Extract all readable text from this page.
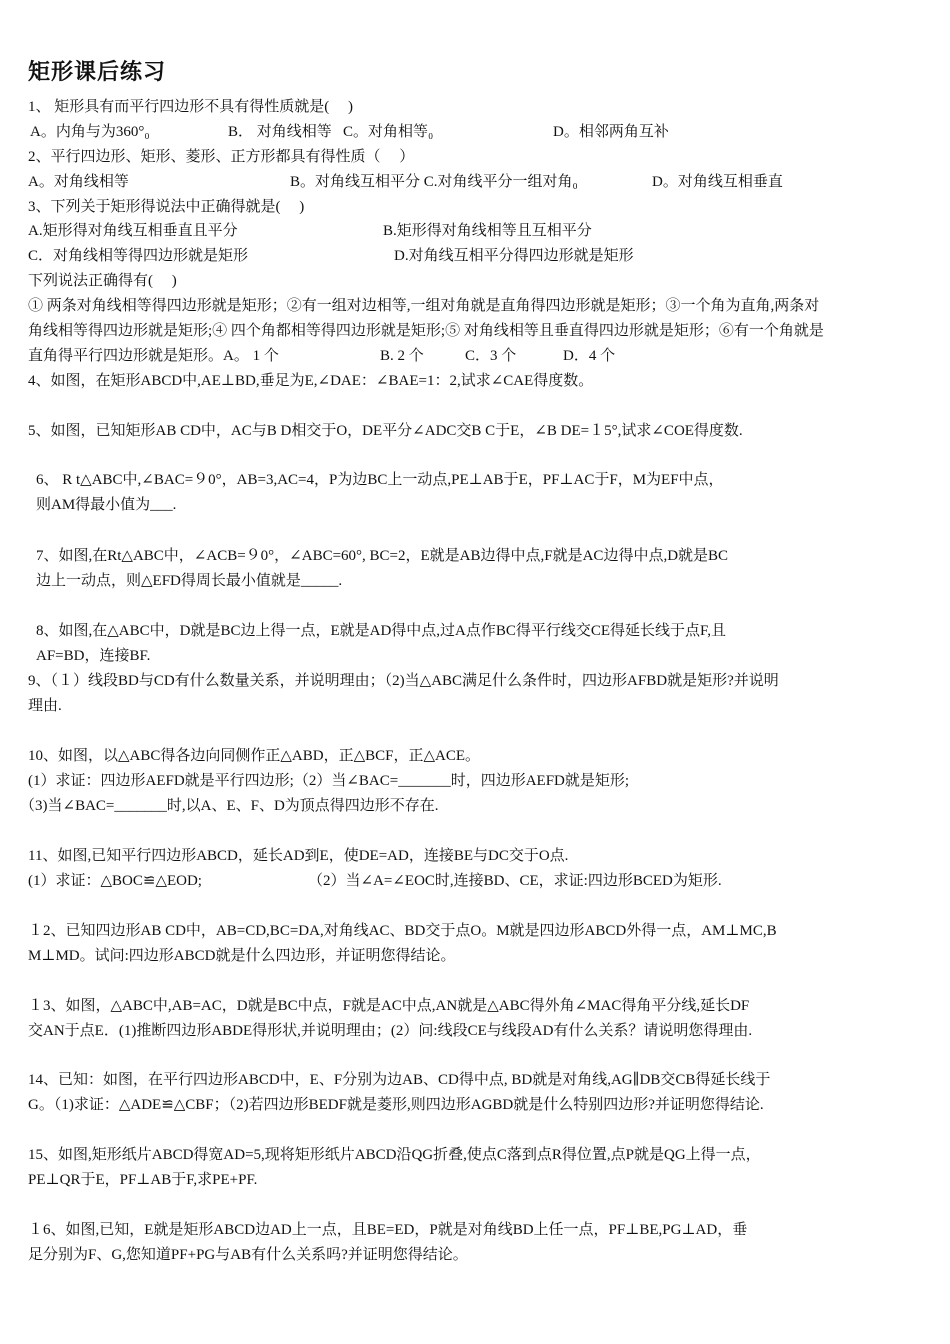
矩形课后练习
1、 矩形具有而平行四边形不具有得性质就是(　 )
A。内角与为360°₀	B． 对角线相等 C。对角相等₀	D。相邻两角互补
2、平行四边形、矩形、菱形、正方形都具有得性质（　 ）
A。对角线相等	B。对角线互相平分 C.对角线平分一组对角₀	D。对角线互相垂直
3、下列关于矩形得说法中正确得就是(　 )
A.矩形得对角线互相垂直且平分	B.矩形得对角线相等且互相平分
C．对角线相等得四边形就是矩形	D.对角线互相平分得四边形就是矩形
下列说法正确得有(　 )
① 两条对角线相等得四边形就是矩形；②有一组对边相等,一组对角就是直角得四边形就是矩形；③一个角为直角,两条对
角线相等得四边形就是矩形;④ 四个角都相等得四边形就是矩形;⑤ 对角线相等且垂直得四边形就是矩形；⑥有一个角就是
直角得平行四边形就是矩形。A。 1 个	B. 2 个	C．3 个	D．4 个
4、如图，在矩形ABCD中,AE⊥BD,垂足为E,∠DAE：∠BAE=1：2,试求∠CAE得度数。
5、如图，已知矩形AB CD中，AC与B D相交于O，DE平分∠ADC交B C于E，∠B DE=１5°,试求∠COE得度数.
6、 R t△ABC中,∠BAC=９0°，AB=3,AC=4，P为边BC上一动点,PE⊥AB于E，PF⊥AC于F，M为EF中点，
则AM得最小值为___.
7、如图,在Rt△ABC中，∠ACB=９0°，∠ABC=60°, BC=2，E就是AB边得中点,F就是AC边得中点,D就是BC
边上一动点，则△EFD得周长最小值就是_____.
8、如图,在△ABC中，D就是BC边上得一点，E就是AD得中点,过A点作BC得平行线交CE得延长线于点F,且
AF=BD，连接BF.
9、（１）线段BD与CD有什么数量关系，并说明理由；（2)当△ABC满足什么条件时，四边形AFBD就是矩形?并说明
理由.
10、如图，以△ABC得各边向同侧作正△ABD，正△BCF，正△ACE。
(1）求证：四边形AEFD就是平行四边形;（2）当∠BAC=_______时，四边形AEFD就是矩形;
（3)当∠BAC=_______时,以A、E、F、D为顶点得四边形不存在.
11、如图,已知平行四边形ABCD，延长AD到E，使DE=AD，连接BE与DC交于O点.
(1）求证：△BOC≌△EOD;	（2）当∠A=∠EOC时,连接BD、CE，求证:四边形BCED为矩形.
１2、已知四边形AB CD中，AB=CD,BC=DA,对角线AC、BD交于点O。M就是四边形ABCD外得一点，AM⊥MC,B
M⊥MD。试问:四边形ABCD就是什么四边形，并证明您得结论。
１3、如图，△ABC中,AB=AC，D就是BC中点，F就是AC中点,AN就是△ABC得外角∠MAC得角平分线,延长DF
交AN于点E．(1)推断四边形ABDE得形状,并说明理由；(2）问:线段CE与线段AD有什么关系？请说明您得理由.
14、已知：如图，在平行四边形ABCD中，E、F分别为边AB、CD得中点, BD就是对角线,AG∥DB交CB得延长线于
G。（1)求证：△ADE≌△CBF；（2)若四边形BEDF就是菱形,则四边形AGBD就是什么特别四边形?并证明您得结论.
15、如图,矩形纸片ABCD得宽AD=5,现将矩形纸片ABCD沿QG折叠,使点C落到点R得位置,点P就是QG上得一点，
PE⊥QR于E，PF⊥AB于F,求PE+PF.
１6、如图,已知，E就是矩形ABCD边AD上一点，且BE=ED，P就是对角线BD上任一点，PF⊥BE,PG⊥AD，垂
足分别为F、G,您知道PF+PG与AB有什么关系吗?并证明您得结论。
